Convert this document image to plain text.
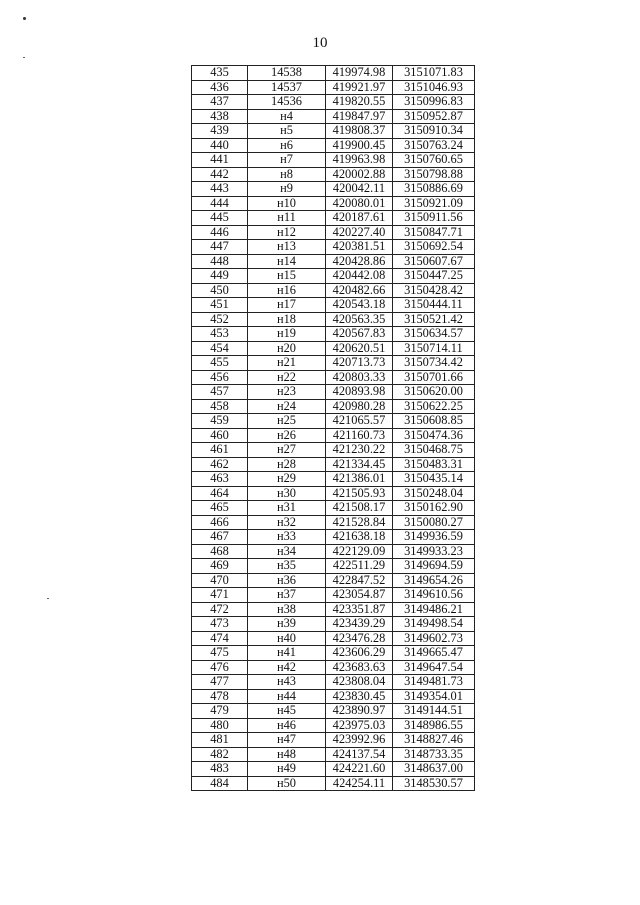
10
435	14538	419974.98	3151071.83
436	14537	419921.97	3151046.93
437	14536	419820.55	3150996.83
438	н4	419847.97	3150952.87
439	н5	419808.37	3150910.34
440	н6	419900.45	3150763.24
441	н7	419963.98	3150760.65
442	н8	420002.88	3150798.88
443	н9	420042.11	3150886.69
444	н10	420080.01	3150921.09
445	н11	420187.61	3150911.56
446	н12	420227.40	3150847.71
447	н13	420381.51	3150692.54
448	н14	420428.86	3150607.67
449	н15	420442.08	3150447.25
450	н16	420482.66	3150428.42
451	н17	420543.18	3150444.11
452	н18	420563.35	3150521.42
453	н19	420567.83	3150634.57
454	н20	420620.51	3150714.11
455	н21	420713.73	3150734.42
456	н22	420803.33	3150701.66
457	н23	420893.98	3150620.00
458	н24	420980.28	3150622.25
459	н25	421065.57	3150608.85
460	н26	421160.73	3150474.36
461	н27	421230.22	3150468.75
462	н28	421334.45	3150483.31
463	н29	421386.01	3150435.14
464	н30	421505.93	3150248.04
465	н31	421508.17	3150162.90
466	н32	421528.84	3150080.27
467	н33	421638.18	3149936.59
468	н34	422129.09	3149933.23
469	н35	422511.29	3149694.59
470	н36	422847.52	3149654.26
471	н37	423054.87	3149610.56
472	н38	423351.87	3149486.21
473	н39	423439.29	3149498.54
474	н40	423476.28	3149602.73
475	н41	423606.29	3149665.47
476	н42	423683.63	3149647.54
477	н43	423808.04	3149481.73
478	н44	423830.45	3149354.01
479	н45	423890.97	3149144.51
480	н46	423975.03	3148986.55
481	н47	423992.96	3148827.46
482	н48	424137.54	3148733.35
483	н49	424221.60	3148637.00
484	н50	424254.11	3148530.57
